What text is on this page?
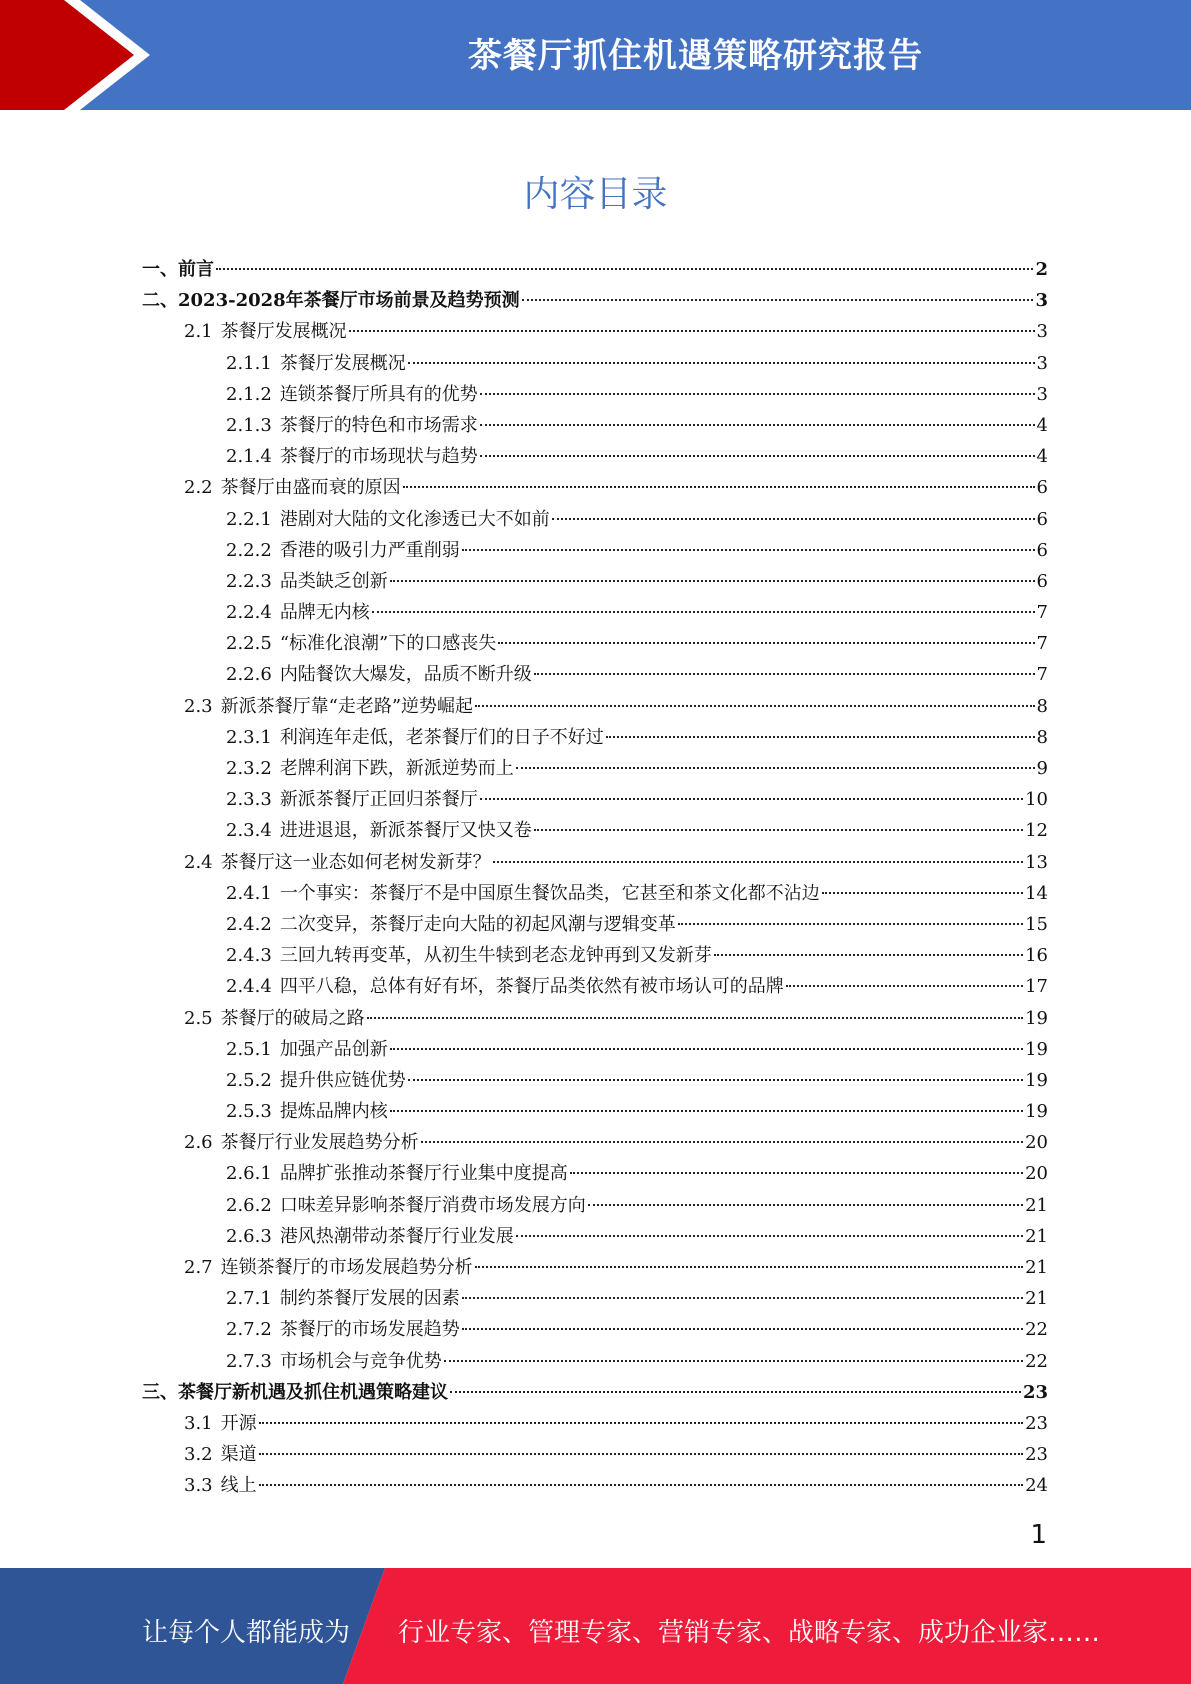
茶餐厅抓住机遇策略研究报告
内容目录
一、前言	2
二、2023-2028年茶餐厅市场前景及趋势预测	3
2.1 茶餐厅发展概况	3
2.1.1 茶餐厅发展概况	3
2.1.2 连锁茶餐厅所具有的优势	3
2.1.3 茶餐厅的特色和市场需求	4
2.1.4 茶餐厅的市场现状与趋势	4
2.2 茶餐厅由盛而衰的原因	6
2.2.1 港剧对大陆的文化渗透已大不如前	6
2.2.2 香港的吸引力严重削弱	6
2.2.3 品类缺乏创新	6
2.2.4 品牌无内核	7
2.2.5 “标准化浪潮”下的口感丧失	7
2.2.6 内陆餐饮大爆发，品质不断升级	7
2.3 新派茶餐厅靠“走老路”逆势崛起	8
2.3.1 利润连年走低，老茶餐厅们的日子不好过	8
2.3.2 老牌利润下跌，新派逆势而上	9
2.3.3 新派茶餐厅正回归茶餐厅	10
2.3.4 进进退退，新派茶餐厅又快又卷	12
2.4 茶餐厅这一业态如何老树发新芽？	13
2.4.1 一个事实：茶餐厅不是中国原生餐饮品类，它甚至和茶文化都不沾边	14
2.4.2 二次变异，茶餐厅走向大陆的初起风潮与逻辑变革	15
2.4.3 三回九转再变革，从初生牛犊到老态龙钟再到又发新芽	16
2.4.4 四平八稳，总体有好有坏，茶餐厅品类依然有被市场认可的品牌	17
2.5 茶餐厅的破局之路	19
2.5.1 加强产品创新	19
2.5.2 提升供应链优势	19
2.5.3 提炼品牌内核	19
2.6 茶餐厅行业发展趋势分析	20
2.6.1 品牌扩张推动茶餐厅行业集中度提高	20
2.6.2 口味差异影响茶餐厅消费市场发展方向	21
2.6.3 港风热潮带动茶餐厅行业发展	21
2.7 连锁茶餐厅的市场发展趋势分析	21
2.7.1 制约茶餐厅发展的因素	21
2.7.2 茶餐厅的市场发展趋势	22
2.7.3 市场机会与竞争优势	22
三、茶餐厅新机遇及抓住机遇策略建议	23
3.1 开源	23
3.2 渠道	23
3.3 线上	24
1
让每个人都能成为 行业专家、管理专家、营销专家、战略专家、成功企业家……
